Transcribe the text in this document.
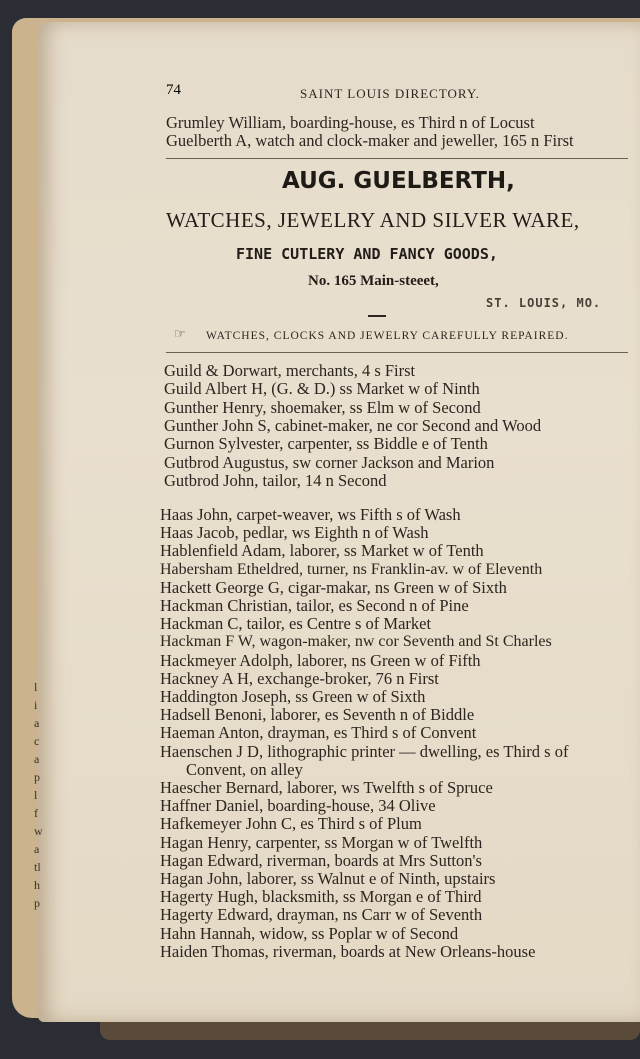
l
i
a
c
a
p
l
f
w
a
tl
h
p
74	SAINT LOUIS DIRECTORY.
Grumley William, boarding-house, es Third n of Locust
Guelberth A, watch and clock-maker and jeweller, 165 n First
AUG. GUELBERTH,
WATCHES, JEWELRY AND SILVER WARE,
FINE CUTLERY AND FANCY GOODS,
No. 165 Main-steeet,
ST. LOUIS, MO.
☞ WATCHES, CLOCKS AND JEWELRY CAREFULLY REPAIRED.
Guild & Dorwart, merchants, 4 s First
Guild Albert H, (G. & D.) ss Market w of Ninth
Gunther Henry, shoemaker, ss Elm w of Second
Gunther John S, cabinet-maker, ne cor Second and Wood
Gurnon Sylvester, carpenter, ss Biddle e of Tenth
Gutbrod Augustus, sw corner Jackson and Marion
Gutbrod John, tailor, 14 n Second
Haas John, carpet-weaver, ws Fifth s of Wash
Haas Jacob, pedlar, ws Eighth n of Wash
Hablenfield Adam, laborer, ss Market w of Tenth
Habersham Etheldred, turner, ns Franklin-av. w of Eleventh
Hackett George G, cigar-makar, ns Green w of Sixth
Hackman Christian, tailor, es Second n of Pine
Hackman C, tailor, es Centre s of Market
Hackman F W, wagon-maker, nw cor Seventh and St Charles
Hackmeyer Adolph, laborer, ns Green w of Fifth
Hackney A H, exchange-broker, 76 n First
Haddington Joseph, ss Green w of Sixth
Hadsell Benoni, laborer, es Seventh n of Biddle
Haeman Anton, drayman, es Third s of Convent
Haenschen J D, lithographic printer — dwelling, es Third s of
Convent, on alley
Haescher Bernard, laborer, ws Twelfth s of Spruce
Haffner Daniel, boarding-house, 34 Olive
Hafkemeyer John C, es Third s of Plum
Hagan Henry, carpenter, ss Morgan w of Twelfth
Hagan Edward, riverman, boards at Mrs Sutton's
Hagan John, laborer, ss Walnut e of Ninth, upstairs
Hagerty Hugh, blacksmith, ss Morgan e of Third
Hagerty Edward, drayman, ns Carr w of Seventh
Hahn Hannah, widow, ss Poplar w of Second
Haiden Thomas, riverman, boards at New Orleans-house
